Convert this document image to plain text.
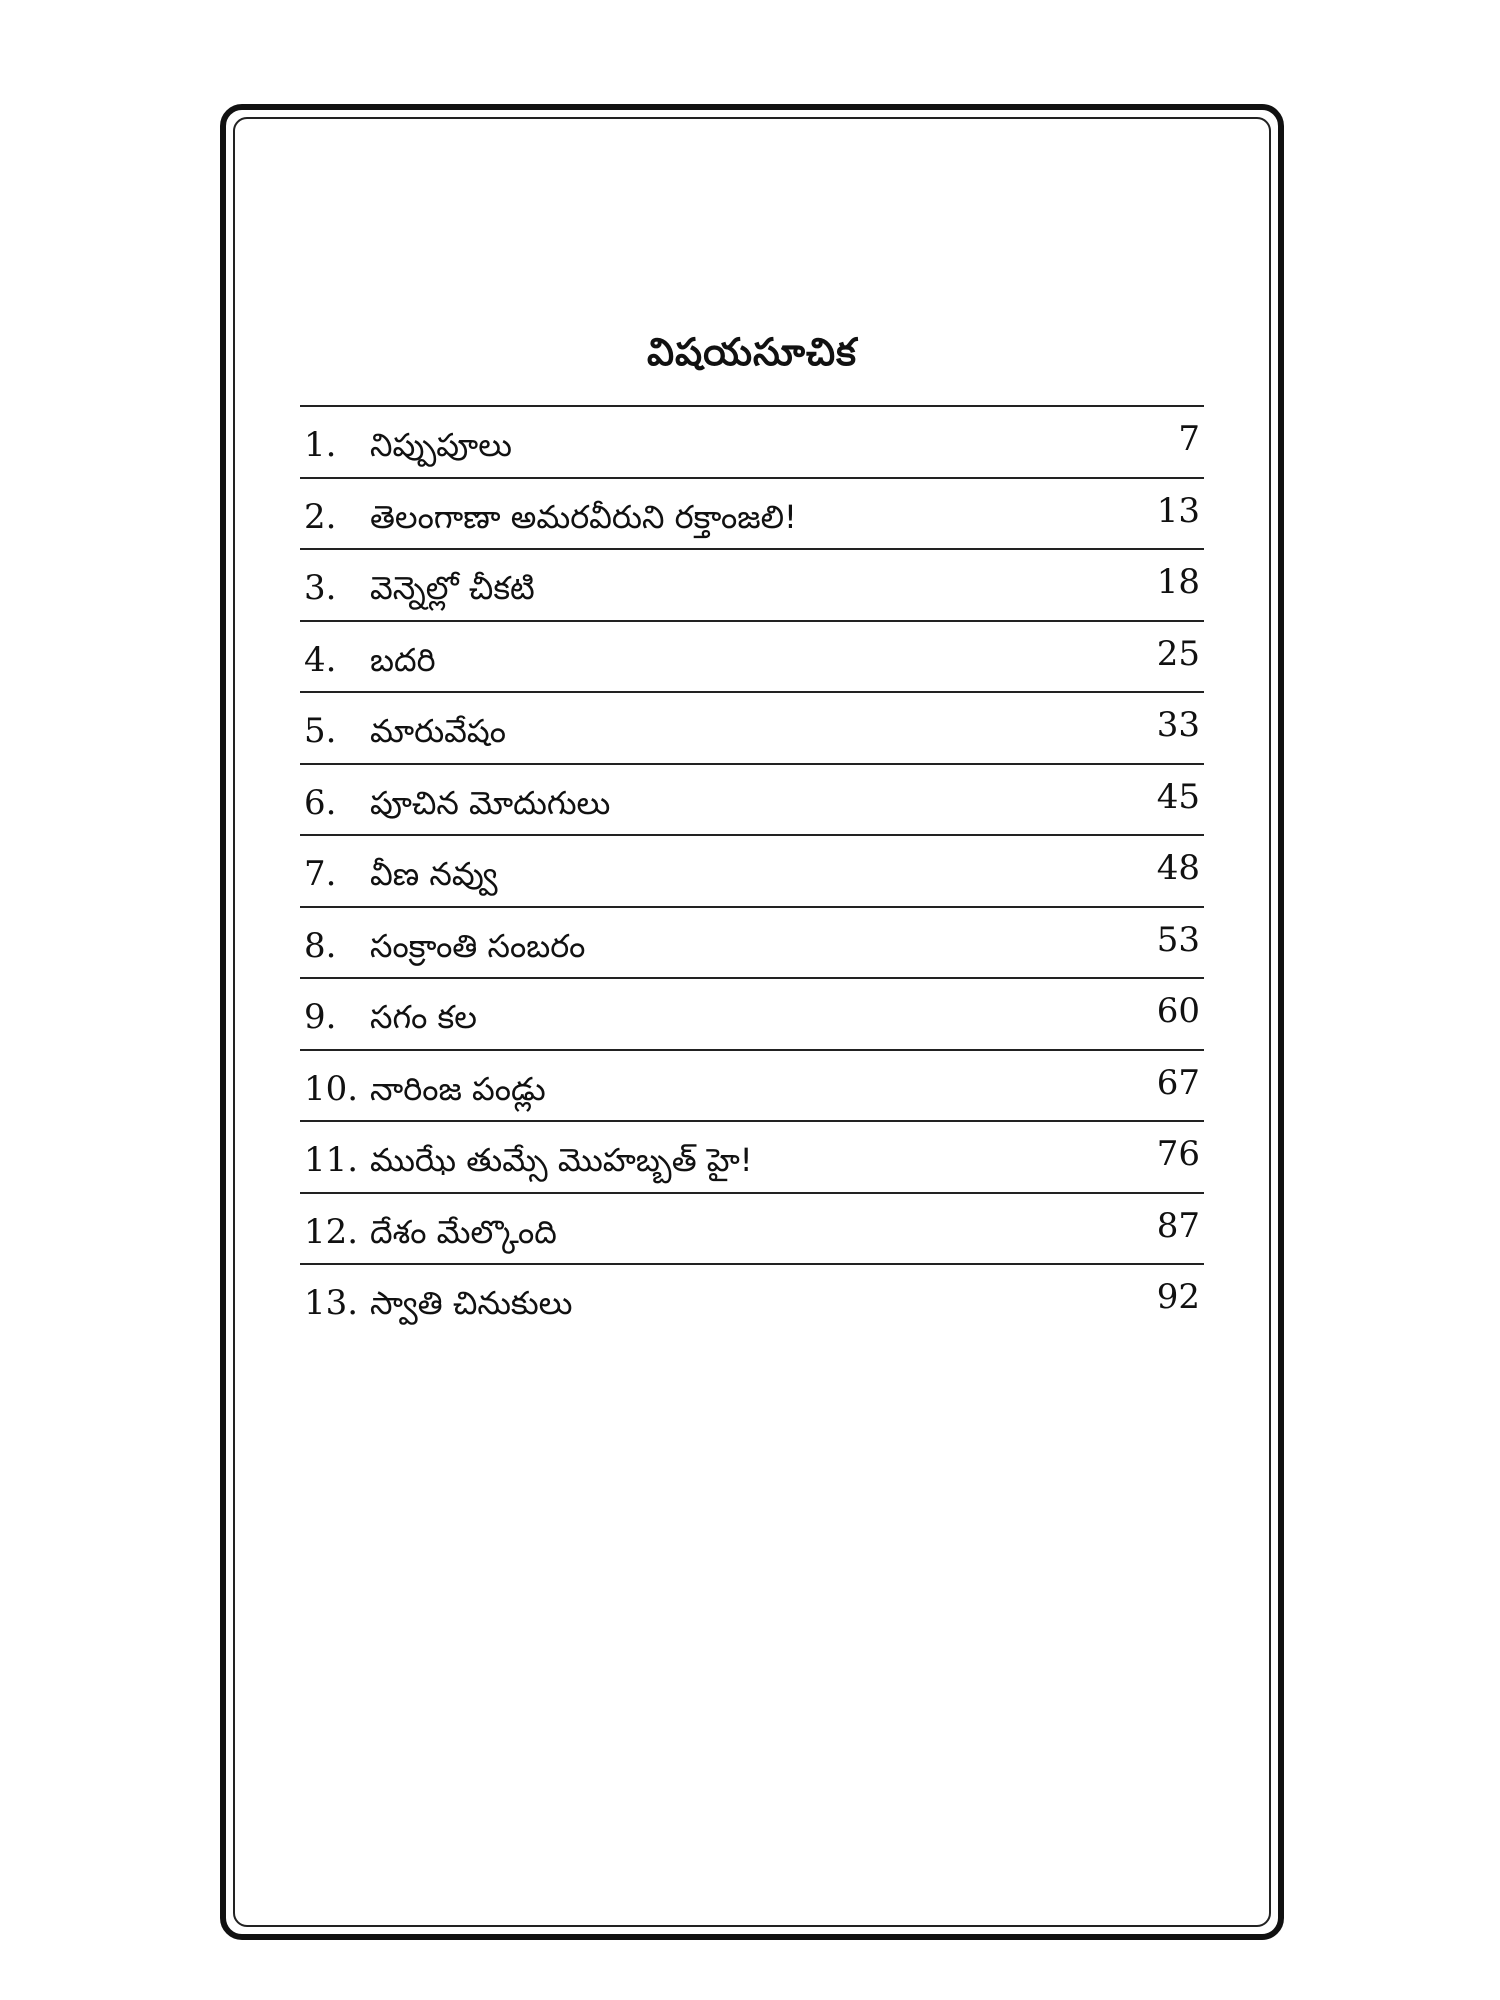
విషయసూచిక
1. నిప్పుపూలు	7
2. తెలంగాణా అమరవీరుని రక్తాంజలి!	13
3. వెన్నెల్లో చీకటి	18
4. బదరి	25
5. మారువేషం	33
6. పూచిన మోదుగులు	45
7. వీణ నవ్వు	48
8. సంక్రాంతి సంబరం	53
9. సగం కల	60
10. నారింజ పండ్లు	67
11. ముఝే తుమ్సే మొహబ్బత్ హై!	76
12. దేశం మేల్కొంది	87
13. స్వాతి చినుకులు	92
